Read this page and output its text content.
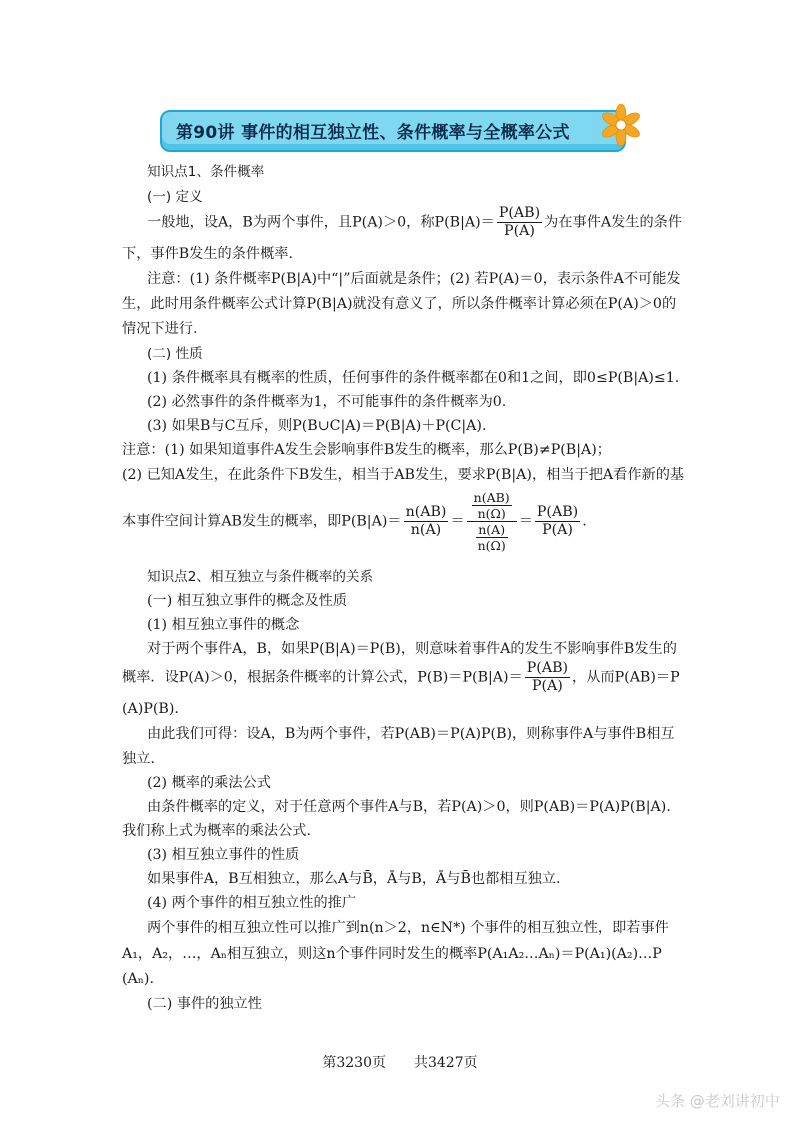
第90讲 事件的相互独立性、条件概率与全概率公式
知识点1、条件概率
(一) 定义
一般地，设A，B为两个事件，且P(A)＞0，称$P(B|A)= \frac{P(AB)}{P(A)}$ 为在事件A发生的条件
下，事件B发生的条件概率.
注意：(1) 条件概率P(B|A)中“|”后面就是条件；(2) 若P(A)＝0，表示条件A不可能发
生，此时用条件概率公式计算P(B|A)就没有意义了，所以条件概率计算必须在P(A)＞0的
情况下进行.
(二) 性质
(1) 条件概率具有概率的性质，任何事件的条件概率都在0和1之间，即0≤P(B|A)≤1.
(2) 必然事件的条件概率为1，不可能事件的条件概率为0.
(3) 如果B与C互斥，则P(B∪C|A)＝P(B|A)＋P(C|A).
注意：(1) 如果知道事件A发生会影响事件B发生的概率，那么P(B)≠P(B|A)；
(2) 已知A发生，在此条件下B发生，相当于AB发生，要求P(B|A)，相当于把A看作新的基
本事件空间计算AB发生的概率，即$P(B|A)= \frac{n(AB)}{n(A)} = \frac{\frac{n(AB)}{n(\Omega)}}{\frac{n(A)}{n(\Omega)}} = \frac{P(AB)}{P(A)}$ .
知识点2、相互独立与条件概率的关系
(一) 相互独立事件的概念及性质
(1) 相互独立事件的概念
对于两个事件A，B，如果P(B|A)＝P(B)，则意味着事件A的发生不影响事件B发生的
概率．设P(A)＞0，根据条件概率的计算公式，$P(B)=P(B|A)= \frac{P(AB)}{P(A)}$ ，从而P(AB)＝P
(A)P(B).
由此我们可得：设A，B为两个事件，若P(AB)＝P(A)P(B)，则称事件A与事件B相互
独立.
(2) 概率的乘法公式
由条件概率的定义，对于任意两个事件A与B，若P(A)＞0，则P(AB)＝P(A)P(B|A).
我们称上式为概率的乘法公式.
(3) 相互独立事件的性质
如果事件A，B互相独立，那么A与B̄，Ā与B，Ā与B̄也都相互独立.
(4) 两个事件的相互独立性的推广
两个事件的相互独立性可以推广到n(n＞2，n∈N*) 个事件的相互独立性，即若事件
A₁，A₂，…，Aₙ相互独立，则这n个事件同时发生的概率P(A₁A₂…Aₙ)＝P(A₁)(A₂)…P
(Aₙ).
(二) 事件的独立性
第3230页　　共3427页
头条 @老刘讲初中
